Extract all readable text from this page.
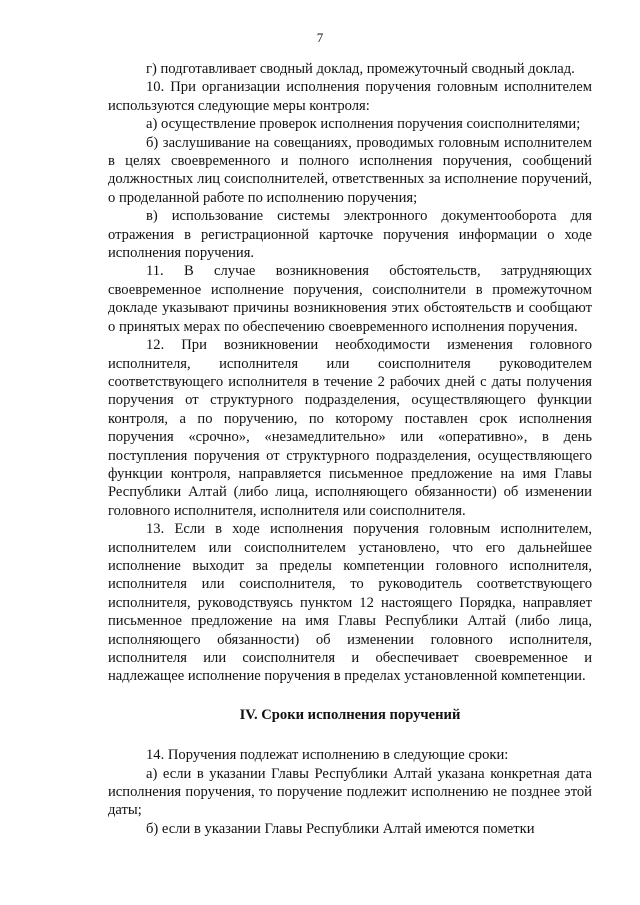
7

г) подготавливает сводный доклад, промежуточный сводный доклад.

10. При организации исполнения поручения головным исполнителем используются следующие меры контроля:

а) осуществление проверок исполнения поручения соисполнителями;

б) заслушивание на совещаниях, проводимых головным исполнителем в целях своевременного и полного исполнения поручения, сообщений должностных лиц соисполнителей, ответственных за исполнение поручений, о проделанной работе по исполнению поручения;

в) использование системы электронного документооборота для отражения в регистрационной карточке поручения информации о ходе исполнения поручения.

11. В случае возникновения обстоятельств, затрудняющих своевременное исполнение поручения, соисполнители в промежуточном докладе указывают причины возникновения этих обстоятельств и сообщают о принятых мерах по обеспечению своевременного исполнения поручения.

12. При возникновении необходимости изменения головного исполнителя, исполнителя или соисполнителя руководителем соответствующего исполнителя в течение 2 рабочих дней с даты получения поручения от структурного подразделения, осуществляющего функции контроля, а по поручению, по которому поставлен срок исполнения поручения «срочно», «незамедлительно» или «оперативно», в день поступления поручения от структурного подразделения, осуществляющего функции контроля, направляется письменное предложение на имя Главы Республики Алтай (либо лица, исполняющего обязанности) об изменении головного исполнителя, исполнителя или соисполнителя.

13. Если в ходе исполнения поручения головным исполнителем, исполнителем или соисполнителем установлено, что его дальнейшее исполнение выходит за пределы компетенции головного исполнителя, исполнителя или соисполнителя, то руководитель соответствующего исполнителя, руководствуясь пунктом 12 настоящего Порядка, направляет письменное предложение на имя Главы Республики Алтай (либо лица, исполняющего обязанности) об изменении головного исполнителя, исполнителя или соисполнителя и обеспечивает своевременное и надлежащее исполнение поручения в пределах установленной компетенции.

IV. Сроки исполнения поручений

14. Поручения подлежат исполнению в следующие сроки:

а) если в указании Главы Республики Алтай указана конкретная дата исполнения поручения, то поручение подлежит исполнению не позднее этой даты;

б) если в указании Главы Республики Алтай имеются пометки
